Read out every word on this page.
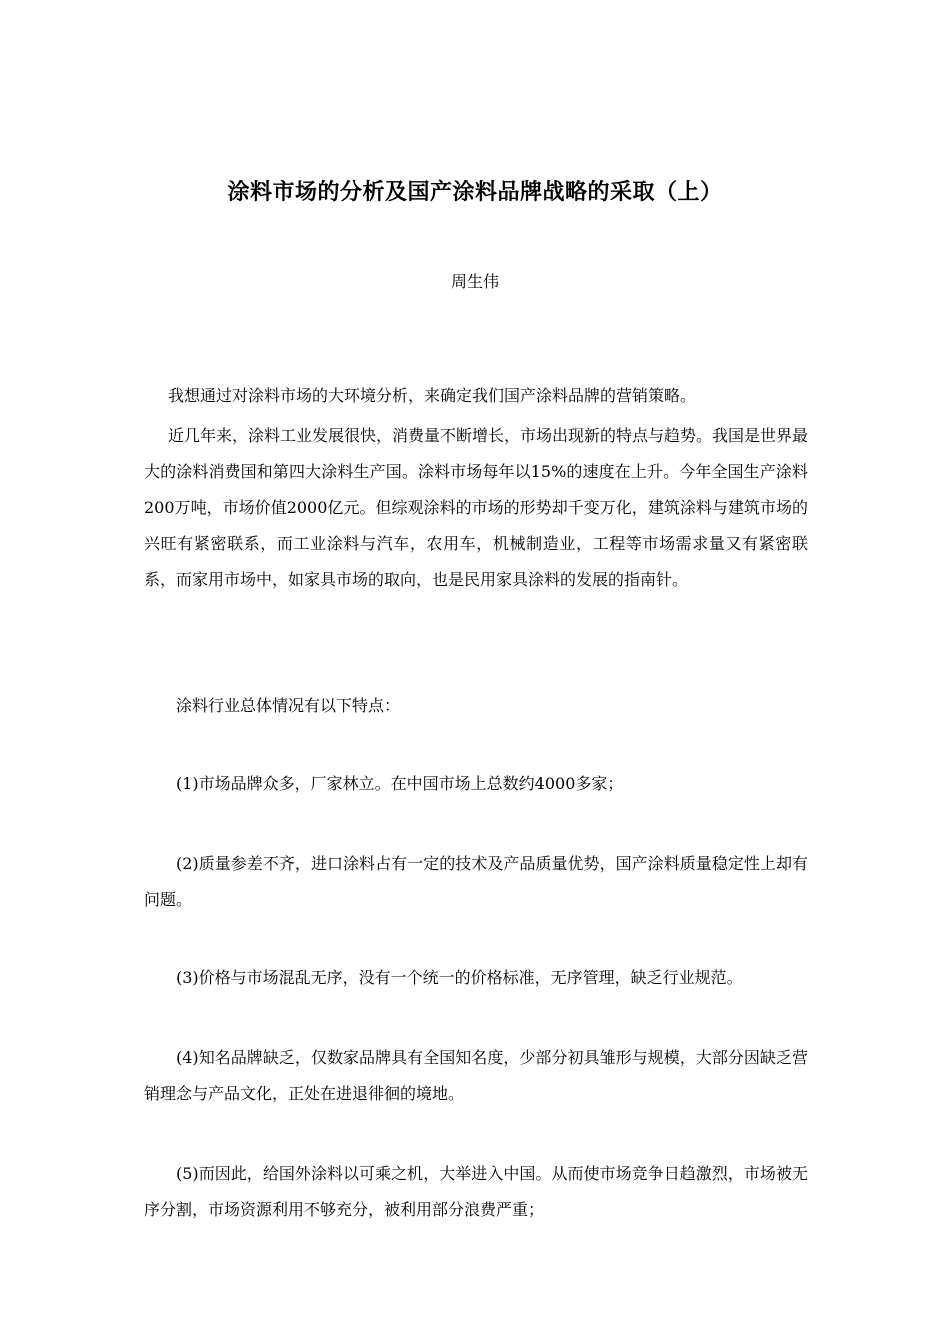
涂料市场的分析及国产涂料品牌战略的采取（上）
周生伟

我想通过对涂料市场的大环境分析，来确定我们国产涂料品牌的营销策略。

近几年来，涂料工业发展很快，消费量不断增长，市场出现新的特点与趋势。我国是世界最大的涂料消费国和第四大涂料生产国。涂料市场每年以15%的速度在上升。今年全国生产涂料200万吨，市场价值2000亿元。但综观涂料的市场的形势却千变万化，建筑涂料与建筑市场的兴旺有紧密联系，而工业涂料与汽车，农用车，机械制造业，工程等市场需求量又有紧密联系，而家用市场中，如家具市场的取向，也是民用家具涂料的发展的指南针。

涂料行业总体情况有以下特点：

(1)市场品牌众多，厂家林立。在中国市场上总数约4000多家；

(2)质量参差不齐，进口涂料占有一定的技术及产品质量优势，国产涂料质量稳定性上却有问题。

(3)价格与市场混乱无序，没有一个统一的价格标准，无序管理，缺乏行业规范。

(4)知名品牌缺乏，仅数家品牌具有全国知名度，少部分初具雏形与规模，大部分因缺乏营销理念与产品文化，正处在进退徘徊的境地。

(5)而因此，给国外涂料以可乘之机，大举进入中国。从而使市场竞争日趋激烈，市场被无序分割，市场资源利用不够充分，被利用部分浪费严重；
